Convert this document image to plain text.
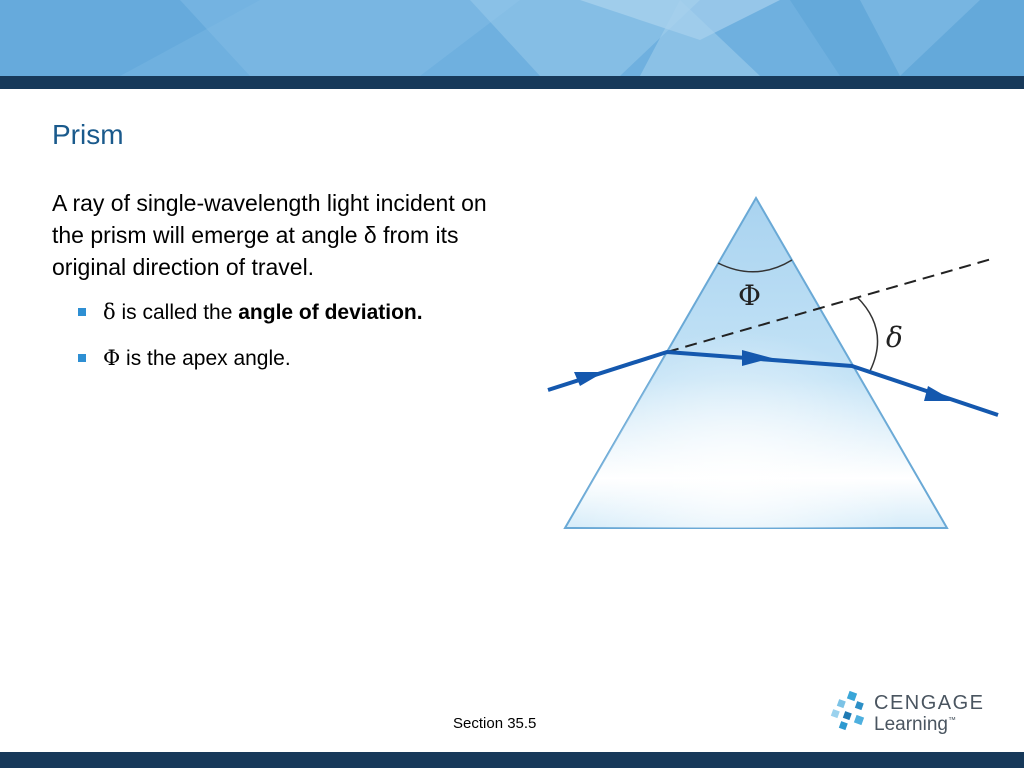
Prism
A ray of single-wavelength light incident on the prism will emerge at angle δ from its original direction of travel.
δ is called the angle of deviation.
Φ is the apex angle.
Φ
δ
Section 35.5
CENGAGE
Learning™
